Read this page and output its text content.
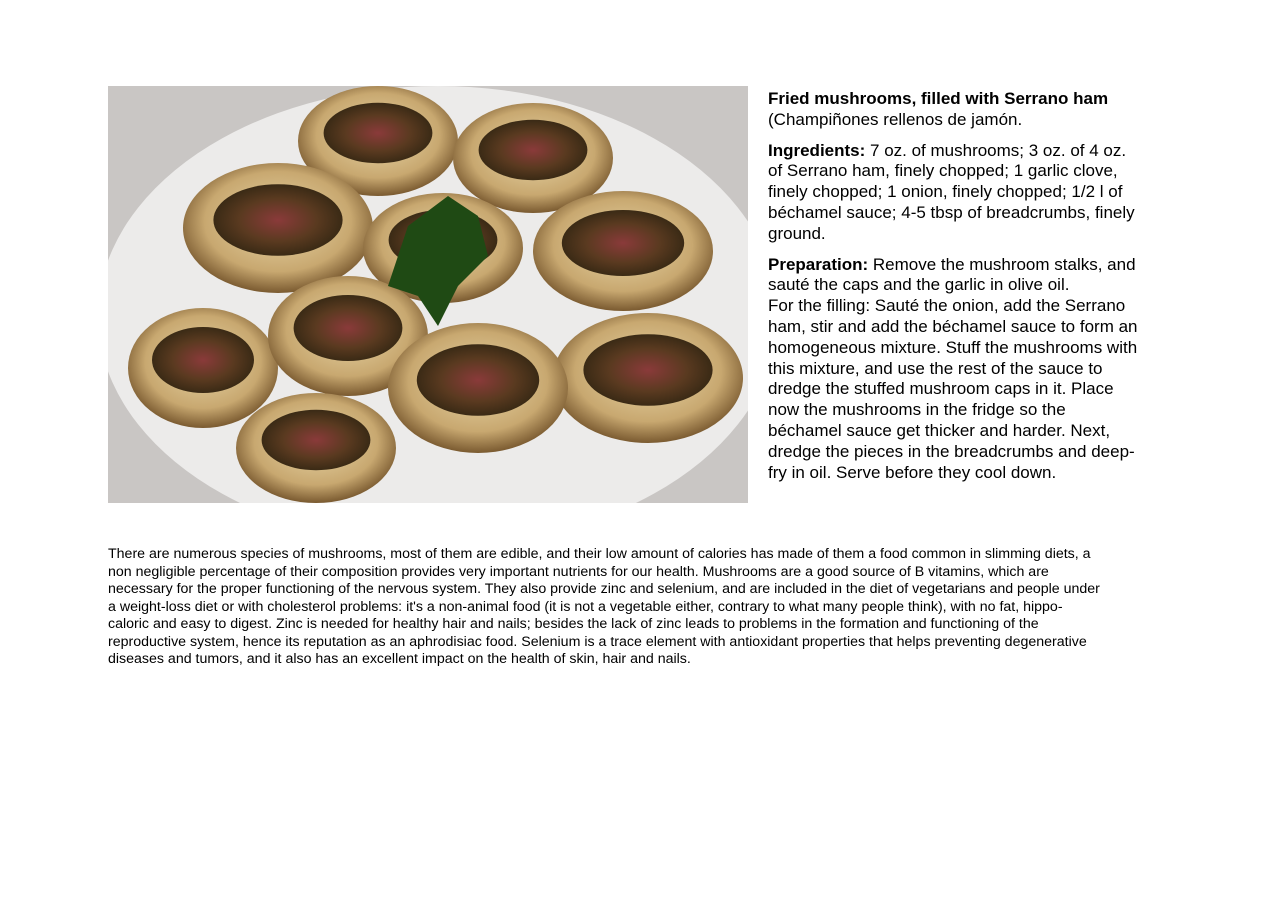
Fried mushrooms, filled with Serrano ham
(Champiñones rellenos de jamón.
Ingredients: 7 oz. of mushrooms; 3 oz. of 4 oz.
of Serrano ham, finely chopped; 1 garlic clove,
finely chopped; 1 onion, finely chopped; 1/2 l of
béchamel sauce; 4-5 tbsp of breadcrumbs, finely
ground.
Preparation: Remove the mushroom stalks, and
sauté the caps and the garlic in olive oil.
For the filling: Sauté the onion, add the Serrano
ham, stir and add the béchamel sauce to form an
homogeneous mixture. Stuff the mushrooms with
this mixture, and use the rest of the sauce to
dredge the stuffed mushroom caps in it. Place
now the mushrooms in the fridge so the
béchamel sauce get thicker and harder. Next,
dredge the pieces in the breadcrumbs and deep-
fry in oil. Serve before they cool down.
There are numerous species of mushrooms, most of them are edible, and their low amount of calories has made of them a food common in slimming diets, a
non negligible percentage of their composition provides very important nutrients for our health. Mushrooms are a good source of B vitamins, which are
necessary for the proper functioning of the nervous system. They also provide zinc and selenium, and are included in the diet of vegetarians and people under
a weight-loss diet or with cholesterol problems: it's a non-animal food (it is not a vegetable either, contrary to what many people think), with no fat, hippo-
caloric and easy to digest. Zinc is needed for healthy hair and nails; besides the lack of zinc leads to problems in the formation and functioning of the
reproductive system, hence its reputation as an aphrodisiac food. Selenium is a trace element with antioxidant properties that helps preventing degenerative
diseases and tumors, and it also has an excellent impact on the health of skin, hair and nails.
